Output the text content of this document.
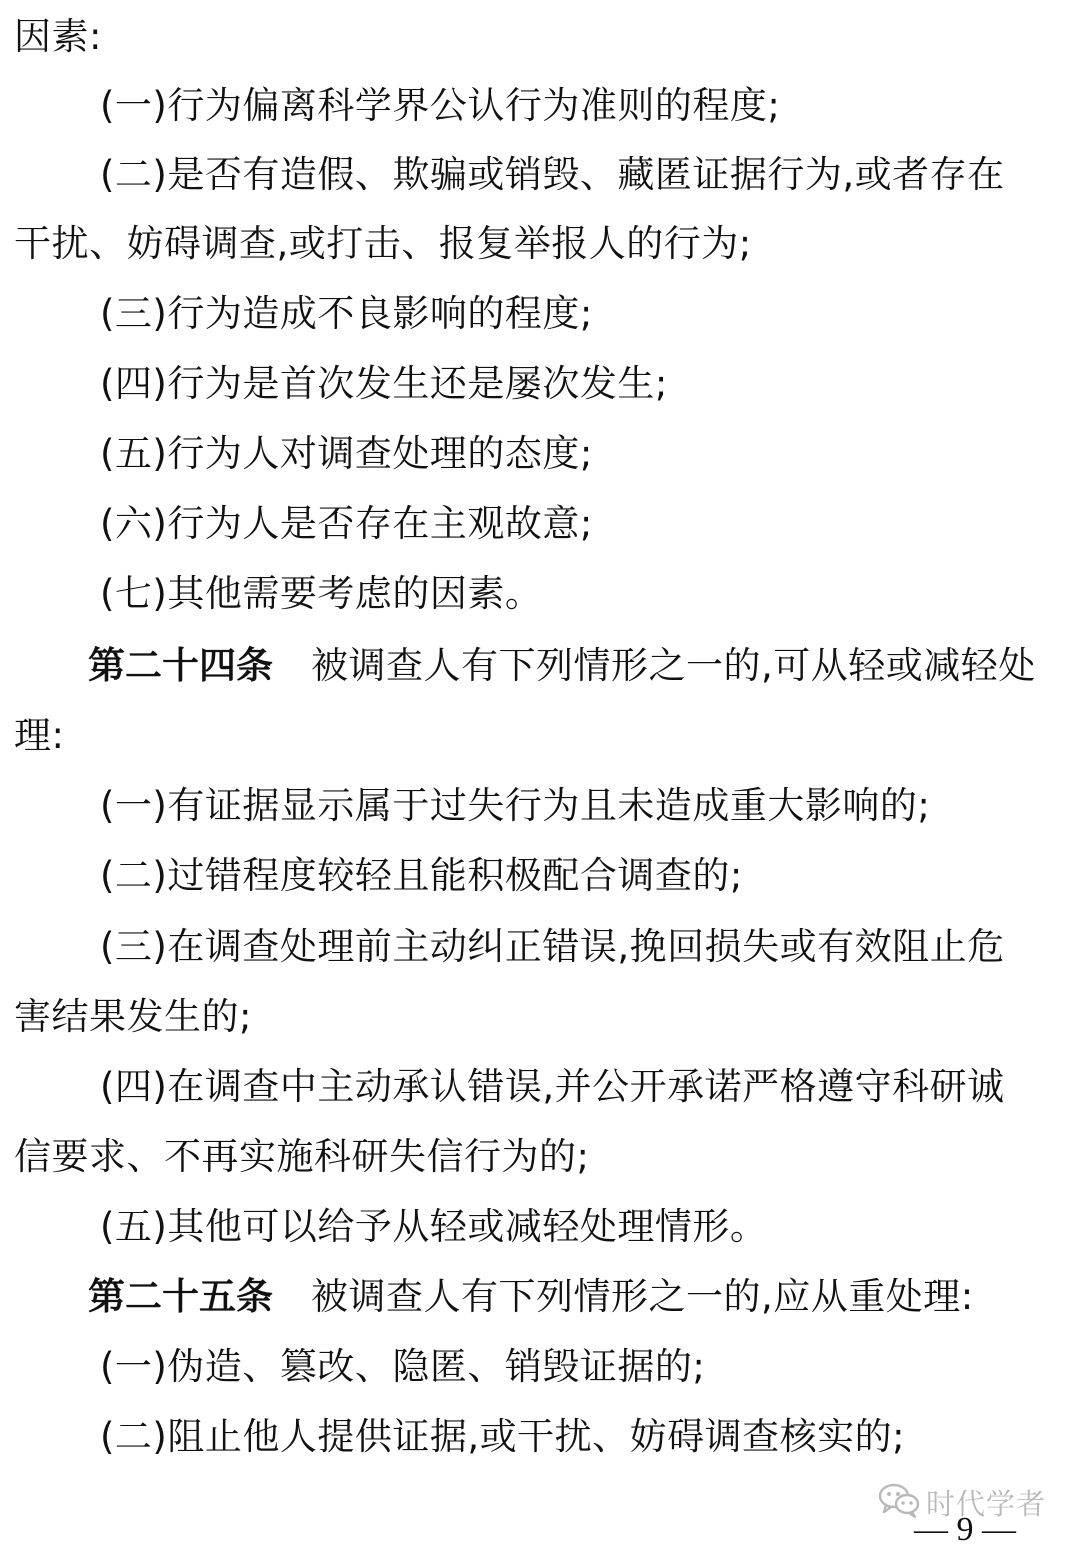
因素:
(一)行为偏离科学界公认行为准则的程度;
(二)是否有造假、欺骗或销毁、藏匿证据行为,或者存在
干扰、妨碍调查,或打击、报复举报人的行为;
(三)行为造成不良影响的程度;
(四)行为是首次发生还是屡次发生;
(五)行为人对调查处理的态度;
(六)行为人是否存在主观故意;
(七)其他需要考虑的因素。
第二十四条 被调查人有下列情形之一的,可从轻或减轻处
理:
(一)有证据显示属于过失行为且未造成重大影响的;
(二)过错程度较轻且能积极配合调查的;
(三)在调查处理前主动纠正错误,挽回损失或有效阻止危
害结果发生的;
(四)在调查中主动承认错误,并公开承诺严格遵守科研诚
信要求、不再实施科研失信行为的;
(五)其他可以给予从轻或减轻处理情形。
第二十五条 被调查人有下列情形之一的,应从重处理:
(一)伪造、篡改、隐匿、销毁证据的;
(二)阻止他人提供证据,或干扰、妨碍调查核实的;
时代学者
— 9 —
